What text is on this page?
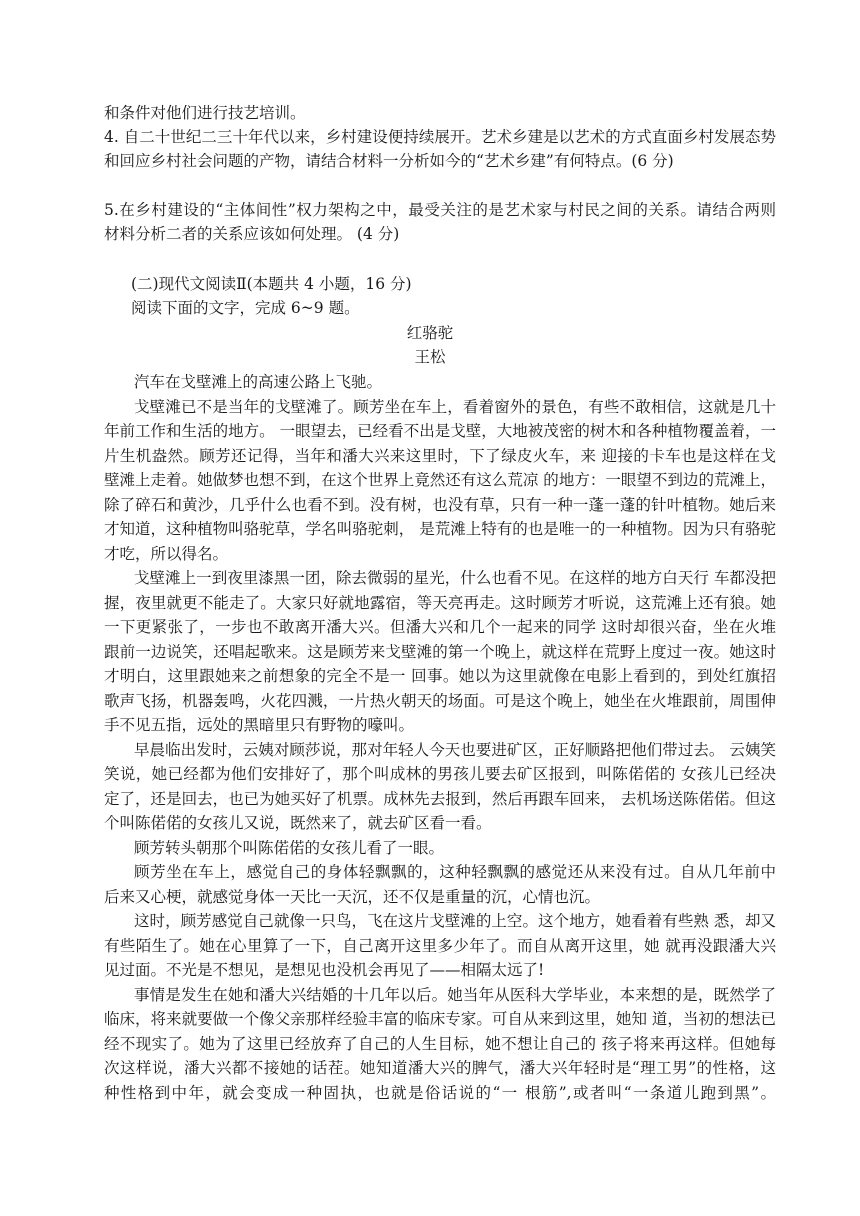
和条件对他们进行技艺培训。
4. 自二十世纪二三十年代以来，乡村建设便持续展开。艺术乡建是以艺术的方式直面乡村发展态势
和回应乡村社会问题的产物，请结合材料一分析如今的“艺术乡建”有何特点。(6 分)
5.在乡村建设的“主体间性”权力架构之中，最受关注的是艺术家与村民之间的关系。请结合两则
材料分析二者的关系应该如何处理。 (4 分)
(二)现代文阅读Ⅱ(本题共 4 小题，16 分)
阅读下面的文字，完成 6~9 题。
红骆驼
王松
汽车在戈壁滩上的高速公路上飞驰。
戈壁滩已不是当年的戈壁滩了。顾芳坐在车上，看着窗外的景色，有些不敢相信，这就是几十
年前工作和生活的地方。 一眼望去，已经看不出是戈壁，大地被茂密的树木和各种植物覆盖着，一
片生机盎然。顾芳还记得，当年和潘大兴来这里时，下了绿皮火车，来 迎接的卡车也是这样在戈
壁滩上走着。她做梦也想不到，在这个世界上竟然还有这么荒凉 的地方：一眼望不到边的荒滩上，
除了碎石和黄沙，几乎什么也看不到。没有树，也没有草，只有一种一蓬一蓬的针叶植物。她后来
才知道，这种植物叫骆驼草，学名叫骆驼刺， 是荒滩上特有的也是唯一的一种植物。因为只有骆驼
才吃，所以得名。
戈壁滩上一到夜里漆黑一团，除去微弱的星光，什么也看不见。在这样的地方白天行 车都没把
握，夜里就更不能走了。大家只好就地露宿，等天亮再走。这时顾芳才听说，这荒滩上还有狼。她
一下更紧张了，一步也不敢离开潘大兴。但潘大兴和几个一起来的同学 这时却很兴奋，坐在火堆
跟前一边说笑，还唱起歌来。这是顾芳来戈壁滩的第一个晚上，就这样在荒野上度过一夜。她这时
才明白，这里跟她来之前想象的完全不是一 回事。她以为这里就像在电影上看到的，到处红旗招
歌声飞扬，机器轰鸣，火花四溅，一片热火朝天的场面。可是这个晚上，她坐在火堆跟前，周围伸
手不见五指，远处的黑暗里只有野物的嚎叫。
早晨临出发时，云姨对顾莎说，那对年轻人今天也要进矿区，正好顺路把他们带过去。 云姨笑
笑说，她已经都为他们安排好了，那个叫成林的男孩儿要去矿区报到，叫陈偌偌的 女孩儿已经决
定了，还是回去，也已为她买好了机票。成林先去报到，然后再跟车回来， 去机场送陈偌偌。但这
个叫陈偌偌的女孩儿又说，既然来了，就去矿区看一看。
顾芳转头朝那个叫陈偌偌的女孩儿看了一眼。
顾芳坐在车上，感觉自己的身体轻飘飘的，这种轻飘飘的感觉还从来没有过。自从几年前中
后来又心梗，就感觉身体一天比一天沉，还不仅是重量的沉，心情也沉。
这时，顾芳感觉自己就像一只鸟，飞在这片戈壁滩的上空。这个地方，她看着有些熟 悉，却又
有些陌生了。她在心里算了一下，自己离开这里多少年了。而自从离开这里，她 就再没跟潘大兴
见过面。不光是不想见，是想见也没机会再见了——相隔太远了!
事情是发生在她和潘大兴结婚的十几年以后。她当年从医科大学毕业，本来想的是，既然学了
临床，将来就要做一个像父亲那样经验丰富的临床专家。可自从来到这里，她知 道，当初的想法已
经不现实了。她为了这里已经放弃了自己的人生目标，她不想让自己的 孩子将来再这样。但她每
次这样说，潘大兴都不接她的话茬。她知道潘大兴的脾气，潘大兴年轻时是“理工男”的性格，这
种性格到中年，就会变成一种固执，也就是俗话说的“一 根筋”,或者叫“一条道儿跑到黑”。
